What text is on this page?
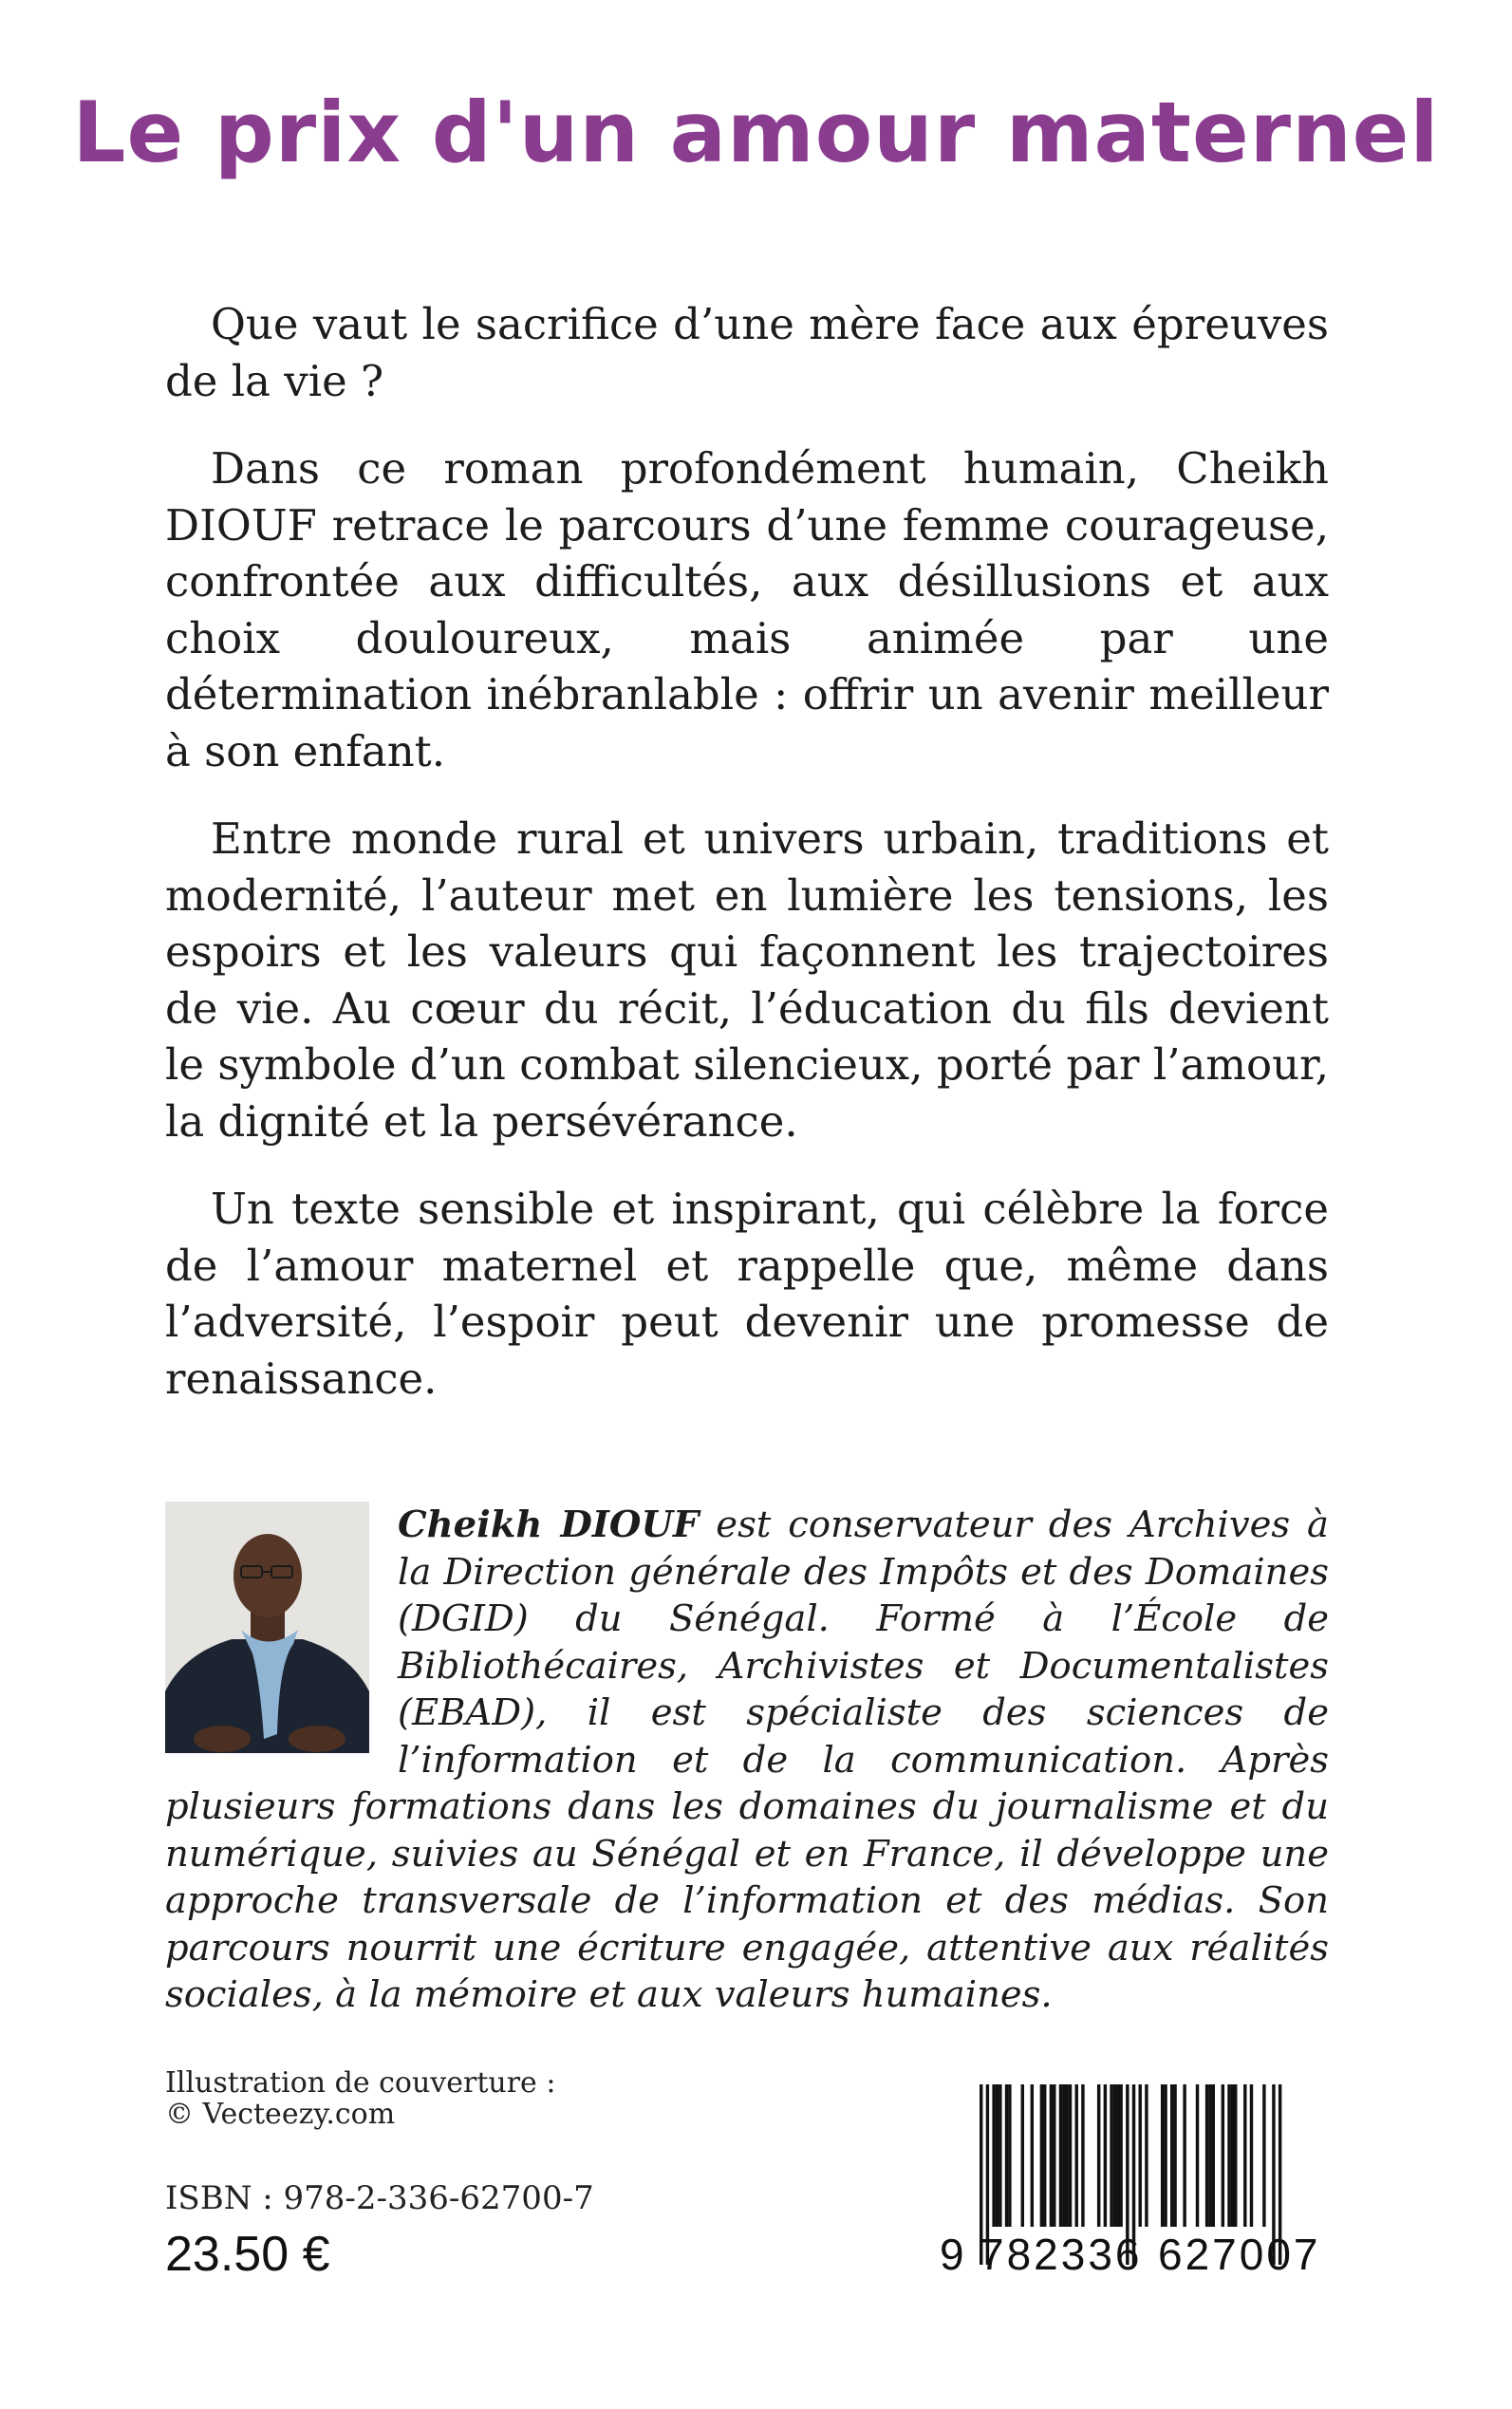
Le prix d'un amour maternel

Que vaut le sacrifice d’une mère face aux épreuves de la vie ?

Dans ce roman profondément humain, Cheikh DIOUF retrace le parcours d’une femme courageuse, confrontée aux difficultés, aux désillusions et aux choix douloureux, mais animée par une détermination inébranlable : offrir un avenir meilleur à son enfant.

Entre monde rural et univers urbain, traditions et modernité, l’auteur met en lumière les tensions, les espoirs et les valeurs qui façonnent les trajectoires de vie. Au cœur du récit, l’éducation du fils devient le symbole d’un combat silencieux, porté par l’amour, la dignité et la persévérance.

Un texte sensible et inspirant, qui célèbre la force de l’amour maternel et rappelle que, même dans l’adversité, l’espoir peut devenir une promesse de renaissance.

Cheikh DIOUF est conservateur des Archives à la Direction générale des Impôts et des Domaines (DGID) du Sénégal. Formé à l’École de Bibliothécaires, Archivistes et Documentalistes (EBAD), il est spécialiste des sciences de l’information et de la communication. Après plusieurs formations dans les domaines du journalisme et du numérique, suivies au Sénégal et en France, il développe une approche transversale de l’information et des médias. Son parcours nourrit une écriture engagée, attentive aux réalités sociales, à la mémoire et aux valeurs humaines.

Illustration de couverture :
© Vecteezy.com
ISBN : 978-2-336-62700-7
23.50 €	9 782336 627007
